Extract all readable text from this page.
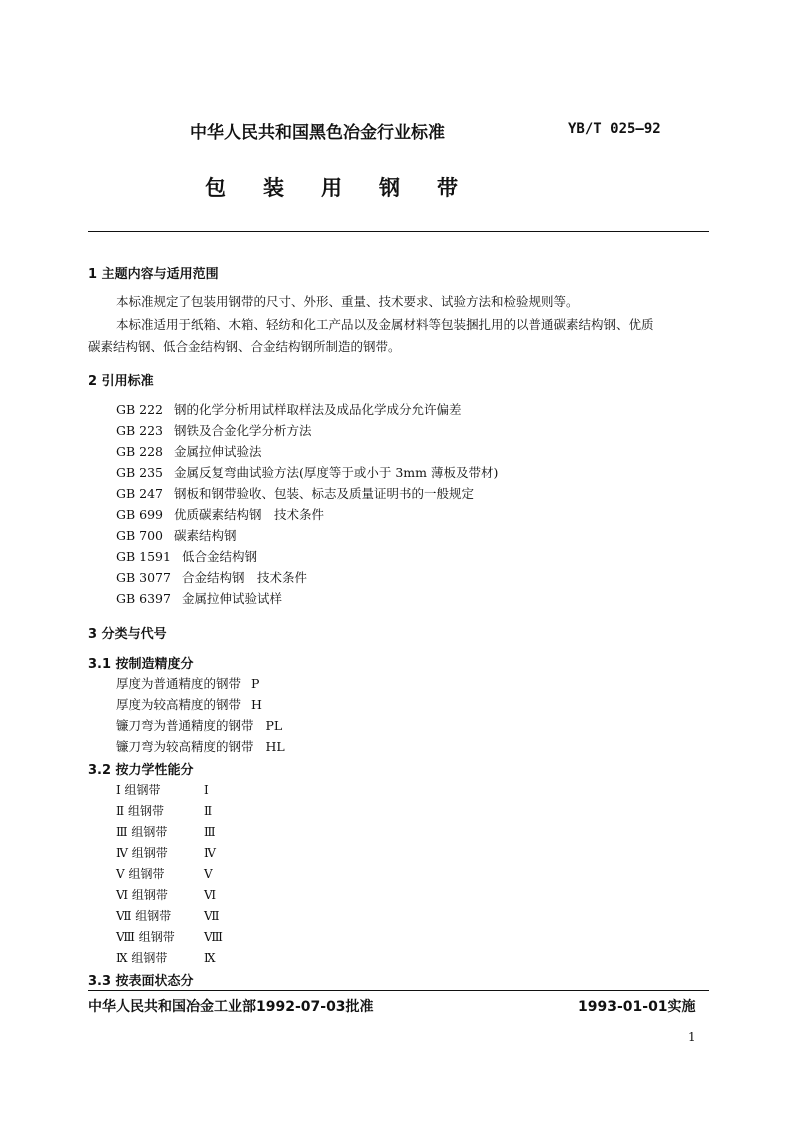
中华人民共和国黑色冶金行业标准	YB/T 025—92
包 装 用 钢 带
1 主题内容与适用范围
本标准规定了包装用钢带的尺寸、外形、重量、技术要求、试验方法和检验规则等。
本标准适用于纸箱、木箱、轻纺和化工产品以及金属材料等包装捆扎用的以普通碳素结构钢、优质
碳素结构钢、低合金结构钢、合金结构钢所制造的钢带。
2 引用标准
GB 222 钢的化学分析用试样取样法及成品化学成分允许偏差
GB 223 钢铁及合金化学分析方法
GB 228 金属拉伸试验法
GB 235 金属反复弯曲试验方法(厚度等于或小于 3mm 薄板及带材)
GB 247 钢板和钢带验收、包装、标志及质量证明书的一般规定
GB 699 优质碳素结构钢　技术条件
GB 700 碳素结构钢
GB 1591 低合金结构钢
GB 3077 合金结构钢　技术条件
GB 6397 金属拉伸试验试样
3 分类与代号
3.1 按制造精度分
厚度为普通精度的钢带 P
厚度为较高精度的钢带 H
镰刀弯为普通精度的钢带 PL
镰刀弯为较高精度的钢带 HL
3.2 按力学性能分
Ⅰ 组钢带	Ⅰ
Ⅱ 组钢带	Ⅱ
Ⅲ 组钢带	Ⅲ
Ⅳ 组钢带	Ⅳ
Ⅴ 组钢带	Ⅴ
Ⅵ 组钢带	Ⅵ
Ⅶ 组钢带	Ⅶ
Ⅷ 组钢带 Ⅷ
Ⅸ 组钢带	Ⅸ
3.3 按表面状态分
中华人民共和国冶金工业部1992-07-03批准	1993-01-01实施
1
